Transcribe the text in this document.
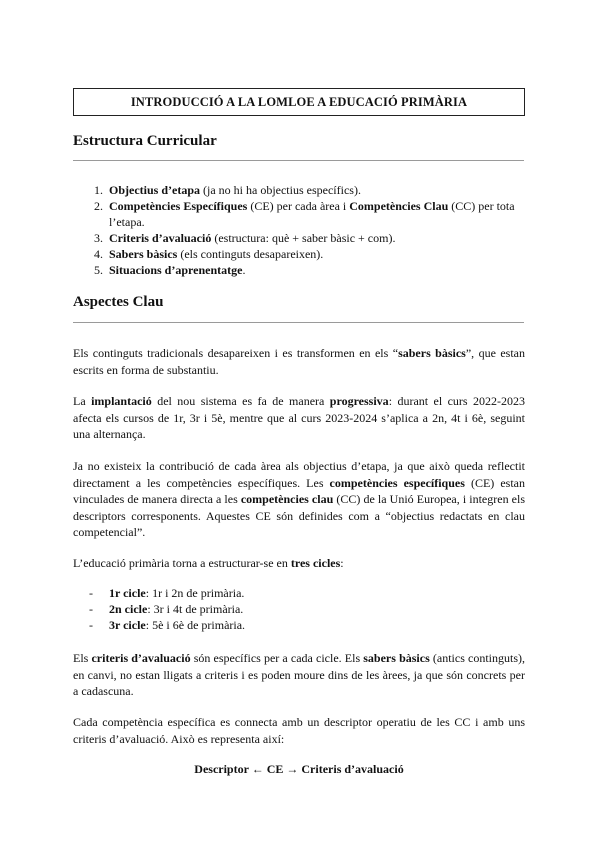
INTRODUCCIÓ A LA LOMLOE A EDUCACIÓ PRIMÀRIA
Estructura Curricular
1. Objectius d’etapa (ja no hi ha objectius específics).
2. Competències Específiques (CE) per cada àrea i Competències Clau (CC) per tota l’etapa.
3. Criteris d’avaluació (estructura: què + saber bàsic + com).
4. Sabers bàsics (els continguts desapareixen).
5. Situacions d’aprenentatge.
Aspectes Clau

Els continguts tradicionals desapareixen i es transformen en els “sabers bàsics”, que estan escrits en forma de substantiu.

La implantació del nou sistema es fa de manera progressiva: durant el curs 2022-2023 afecta els cursos de 1r, 3r i 5è, mentre que al curs 2023-2024 s’aplica a 2n, 4t i 6è, seguint una alternança.

Ja no existeix la contribució de cada àrea als objectius d’etapa, ja que això queda reflectit directament a les competències específiques. Les competències específiques (CE) estan vinculades de manera directa a les competències clau (CC) de la Unió Europea, i integren els descriptors corresponents. Aquestes CE són definides com a “objectius redactats en clau competencial”.

L’educació primària torna a estructurar-se en tres cicles:

- 1r cicle: 1r i 2n de primària.
- 2n cicle: 3r i 4t de primària.
- 3r cicle: 5è i 6è de primària.

Els criteris d’avaluació són específics per a cada cicle. Els sabers bàsics (antics continguts), en canvi, no estan lligats a criteris i es poden moure dins de les àrees, ja que són concrets per a cadascuna.

Cada competència específica es connecta amb un descriptor operatiu de les CC i amb uns criteris d’avaluació. Això es representa així:

Descriptor ← CE → Criteris d’avaluació
